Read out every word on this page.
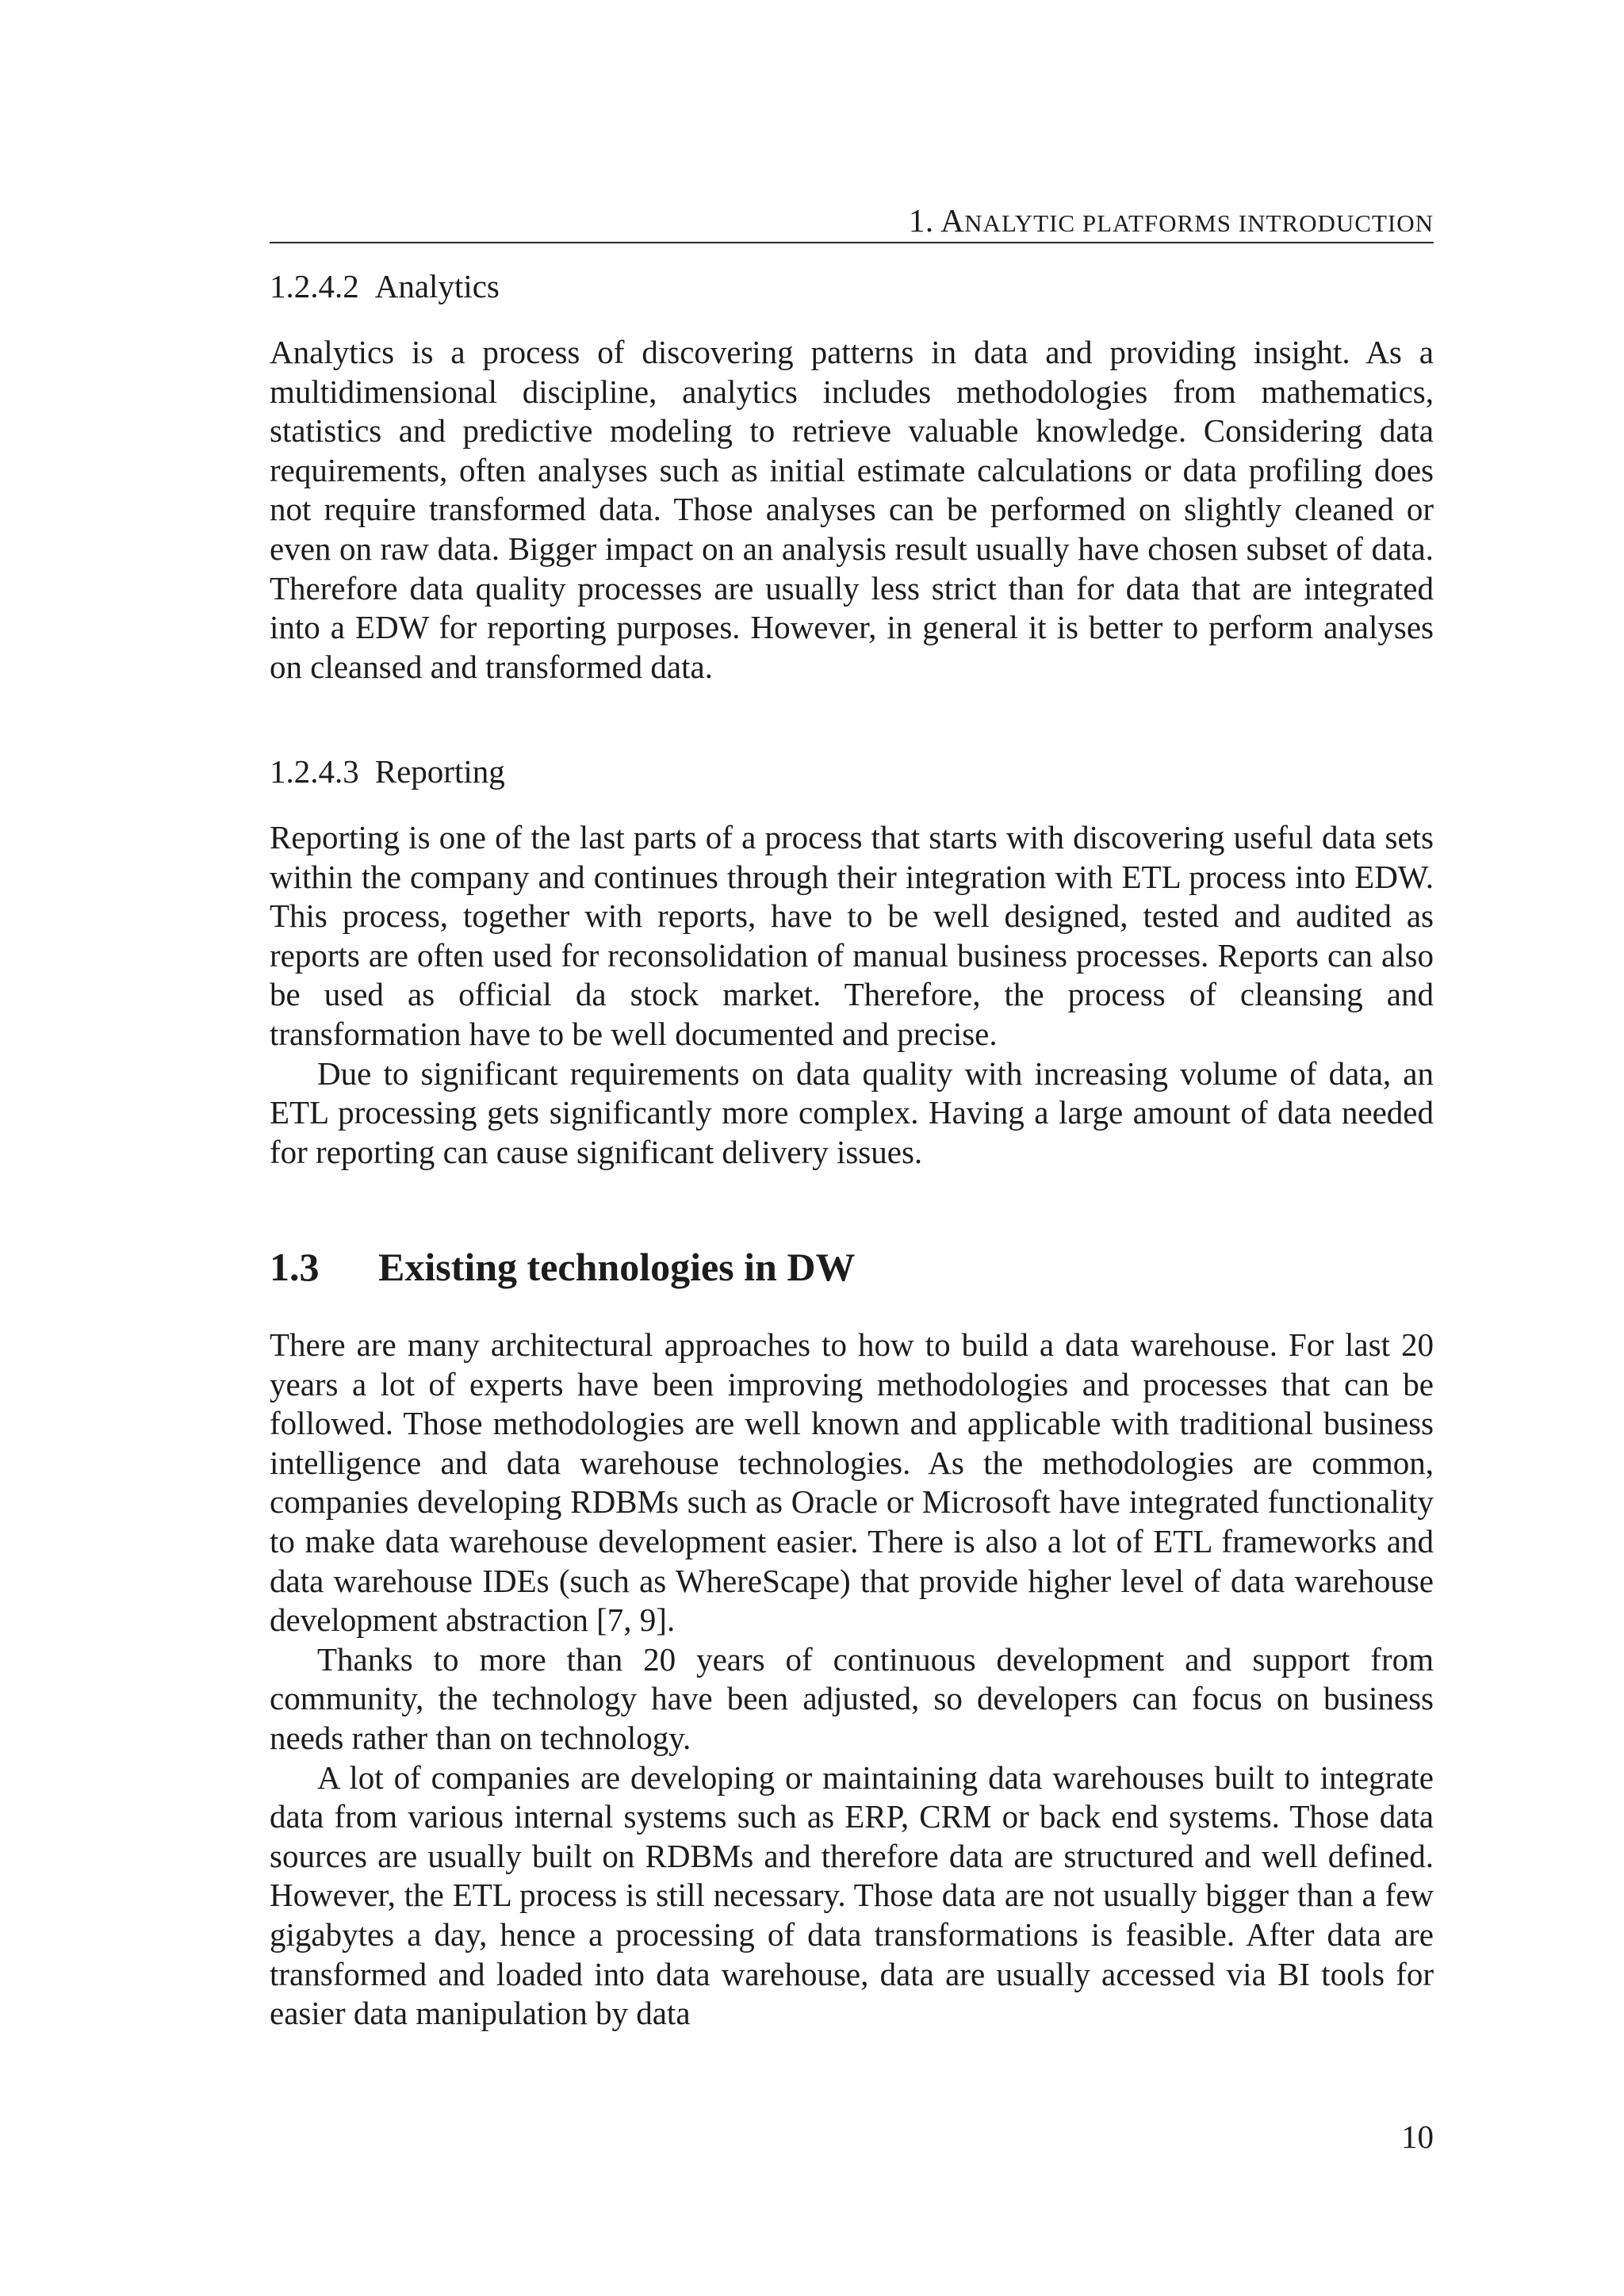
1. ANALYTIC PLATFORMS INTRODUCTION
1.2.4.2 Analytics

Analytics is a process of discovering patterns in data and providing insight. As a multidimensional discipline, analytics includes methodologies from mathematics, statistics and predictive modeling to retrieve valuable knowledge. Considering data requirements, often analyses such as initial estimate calculations or data profiling does not require transformed data. Those analyses can be performed on slightly cleaned or even on raw data. Bigger impact on an analysis result usually have chosen subset of data. Therefore data quality processes are usually less strict than for data that are integrated into a EDW for reporting purposes. However, in general it is better to perform analyses on cleansed and transformed data.

1.2.4.3 Reporting

Reporting is one of the last parts of a process that starts with discovering useful data sets within the company and continues through their integration with ETL process into EDW. This process, together with reports, have to be well designed, tested and audited as reports are often used for reconsolidation of manual business processes. Reports can also be used as official da stock market. Therefore, the process of cleansing and transformation have to be well documented and precise.

Due to significant requirements on data quality with increasing volume of data, an ETL processing gets significantly more complex. Having a large amount of data needed for reporting can cause significant delivery issues.

1.3 Existing technologies in DW

There are many architectural approaches to how to build a data warehouse. For last 20 years a lot of experts have been improving methodologies and processes that can be followed. Those methodologies are well known and applicable with traditional business intelligence and data warehouse technologies. As the methodologies are common, companies developing RDBMs such as Oracle or Microsoft have integrated functionality to make data warehouse development easier. There is also a lot of ETL frameworks and data warehouse IDEs (such as WhereScape) that provide higher level of data warehouse development abstraction [7, 9].

Thanks to more than 20 years of continuous development and support from community, the technology have been adjusted, so developers can focus on business needs rather than on technology.

A lot of companies are developing or maintaining data warehouses built to integrate data from various internal systems such as ERP, CRM or back end systems. Those data sources are usually built on RDBMs and therefore data are structured and well defined. However, the ETL process is still necessary. Those data are not usually bigger than a few gigabytes a day, hence a processing of data transformations is feasible. After data are transformed and loaded into data warehouse, data are usually accessed via BI tools for easier data manipulation by data

10
